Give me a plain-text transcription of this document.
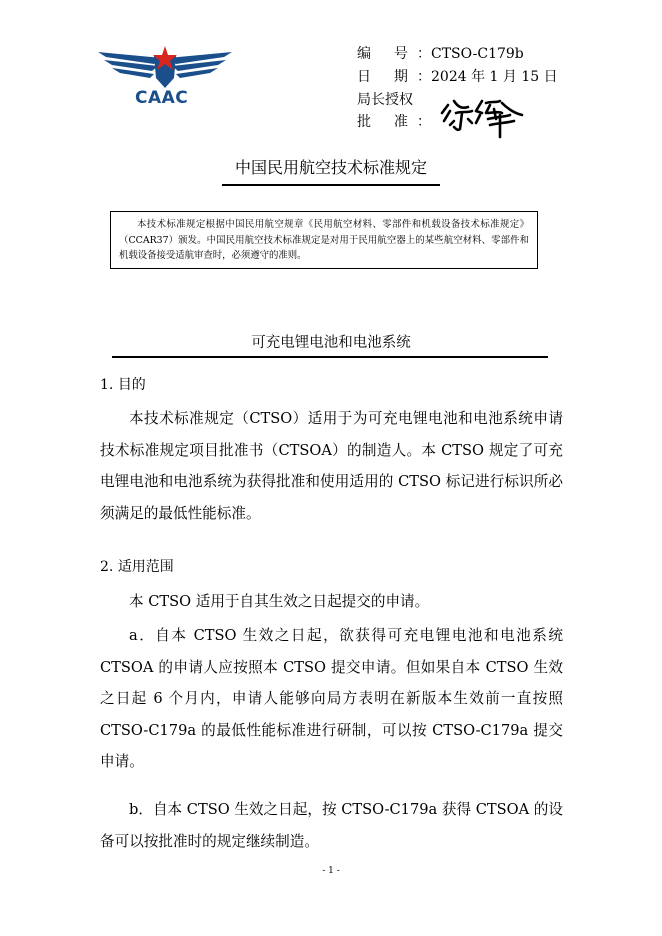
CAAC
编 号：CTSO-C179b
日 期：2024 年 1 月 15 日
局长授权
批 准：
中国民用航空技术标准规定
本技术标准规定根据中国民用航空规章《民用航空材料、零部件和机载设备技术标准规定》（CCAR37）颁发。中国民用航空技术标准规定是对用于民用航空器上的某些航空材料、零部件和机载设备接受适航审查时，必须遵守的准则。
可充电锂电池和电池系统
1. 目的

本技术标准规定（CTSO）适用于为可充电锂电池和电池系统申请技术标准规定项目批准书（CTSOA）的制造人。本 CTSO 规定了可充电锂电池和电池系统为获得批准和使用适用的 CTSO 标记进行标识所必须满足的最低性能标准。

2. 适用范围

本 CTSO 适用于自其生效之日起提交的申请。

a．自本 CTSO 生效之日起，欲获得可充电锂电池和电池系统 CTSOA 的申请人应按照本 CTSO 提交申请。但如果自本 CTSO 生效之日起 6 个月内，申请人能够向局方表明在新版本生效前一直按照 CTSO-C179a 的最低性能标准进行研制，可以按 CTSO-C179a 提交申请。

b．自本 CTSO 生效之日起，按 CTSO-C179a 获得 CTSOA 的设备可以按批准时的规定继续制造。

- 1 -
